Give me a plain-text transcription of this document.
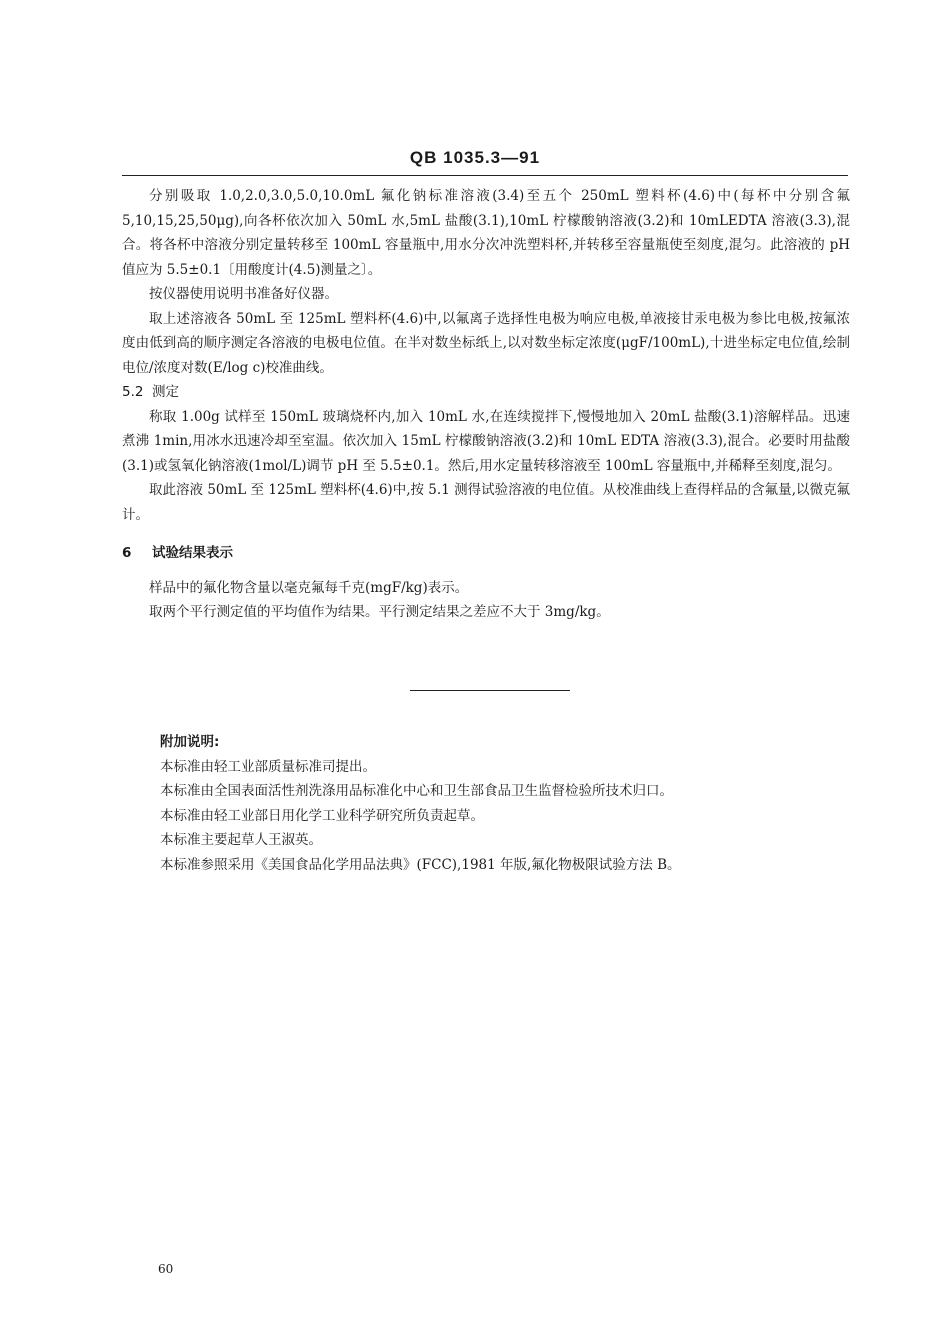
QB 1035.3—91

分别吸取 1.0,2.0,3.0,5.0,10.0mL 氟化钠标准溶液(3.4)至五个 250mL 塑料杯(4.6)中(每杯中分别含氟 5,10,15,25,50μg),向各杯依次加入 50mL 水,5mL 盐酸(3.1),10mL 柠檬酸钠溶液(3.2)和 10mLEDTA 溶液(3.3),混合。将各杯中溶液分别定量转移至 100mL 容量瓶中,用水分次冲洗塑料杯,并转移至容量瓶使至刻度,混匀。此溶液的 pH 值应为 5.5±0.1〔用酸度计(4.5)测量之〕。

按仪器使用说明书准备好仪器。

取上述溶液各 50mL 至 125mL 塑料杯(4.6)中,以氟离子选择性电极为响应电极,单液接甘汞电极为参比电极,按氟浓度由低到高的顺序测定各溶液的电极电位值。在半对数坐标纸上,以对数坐标定浓度(μgF/100mL),十进坐标定电位值,绘制电位/浓度对数(E/log c)校准曲线。

5.2 测定

称取 1.00g 试样至 150mL 玻璃烧杯内,加入 10mL 水,在连续搅拌下,慢慢地加入 20mL 盐酸(3.1)溶解样品。迅速煮沸 1min,用冰水迅速冷却至室温。依次加入 15mL 柠檬酸钠溶液(3.2)和 10mL EDTA 溶液(3.3),混合。必要时用盐酸(3.1)或氢氧化钠溶液(1mol/L)调节 pH 至 5.5±0.1。然后,用水定量转移溶液至 100mL 容量瓶中,并稀释至刻度,混匀。

取此溶液 50mL 至 125mL 塑料杯(4.6)中,按 5.1 测得试验溶液的电位值。从校准曲线上查得样品的含氟量,以微克氟计。

6 试验结果表示

样品中的氟化物含量以毫克氟每千克(mgF/kg)表示。

取两个平行测定值的平均值作为结果。平行测定结果之差应不大于 3mg/kg。

附加说明:
本标准由轻工业部质量标准司提出。
本标准由全国表面活性剂洗涤用品标准化中心和卫生部食品卫生监督检验所技术归口。
本标准由轻工业部日用化学工业科学研究所负责起草。
本标准主要起草人王淑英。
本标准参照采用《美国食品化学用品法典》(FCC),1981 年版,氟化物极限试验方法 B。
60
